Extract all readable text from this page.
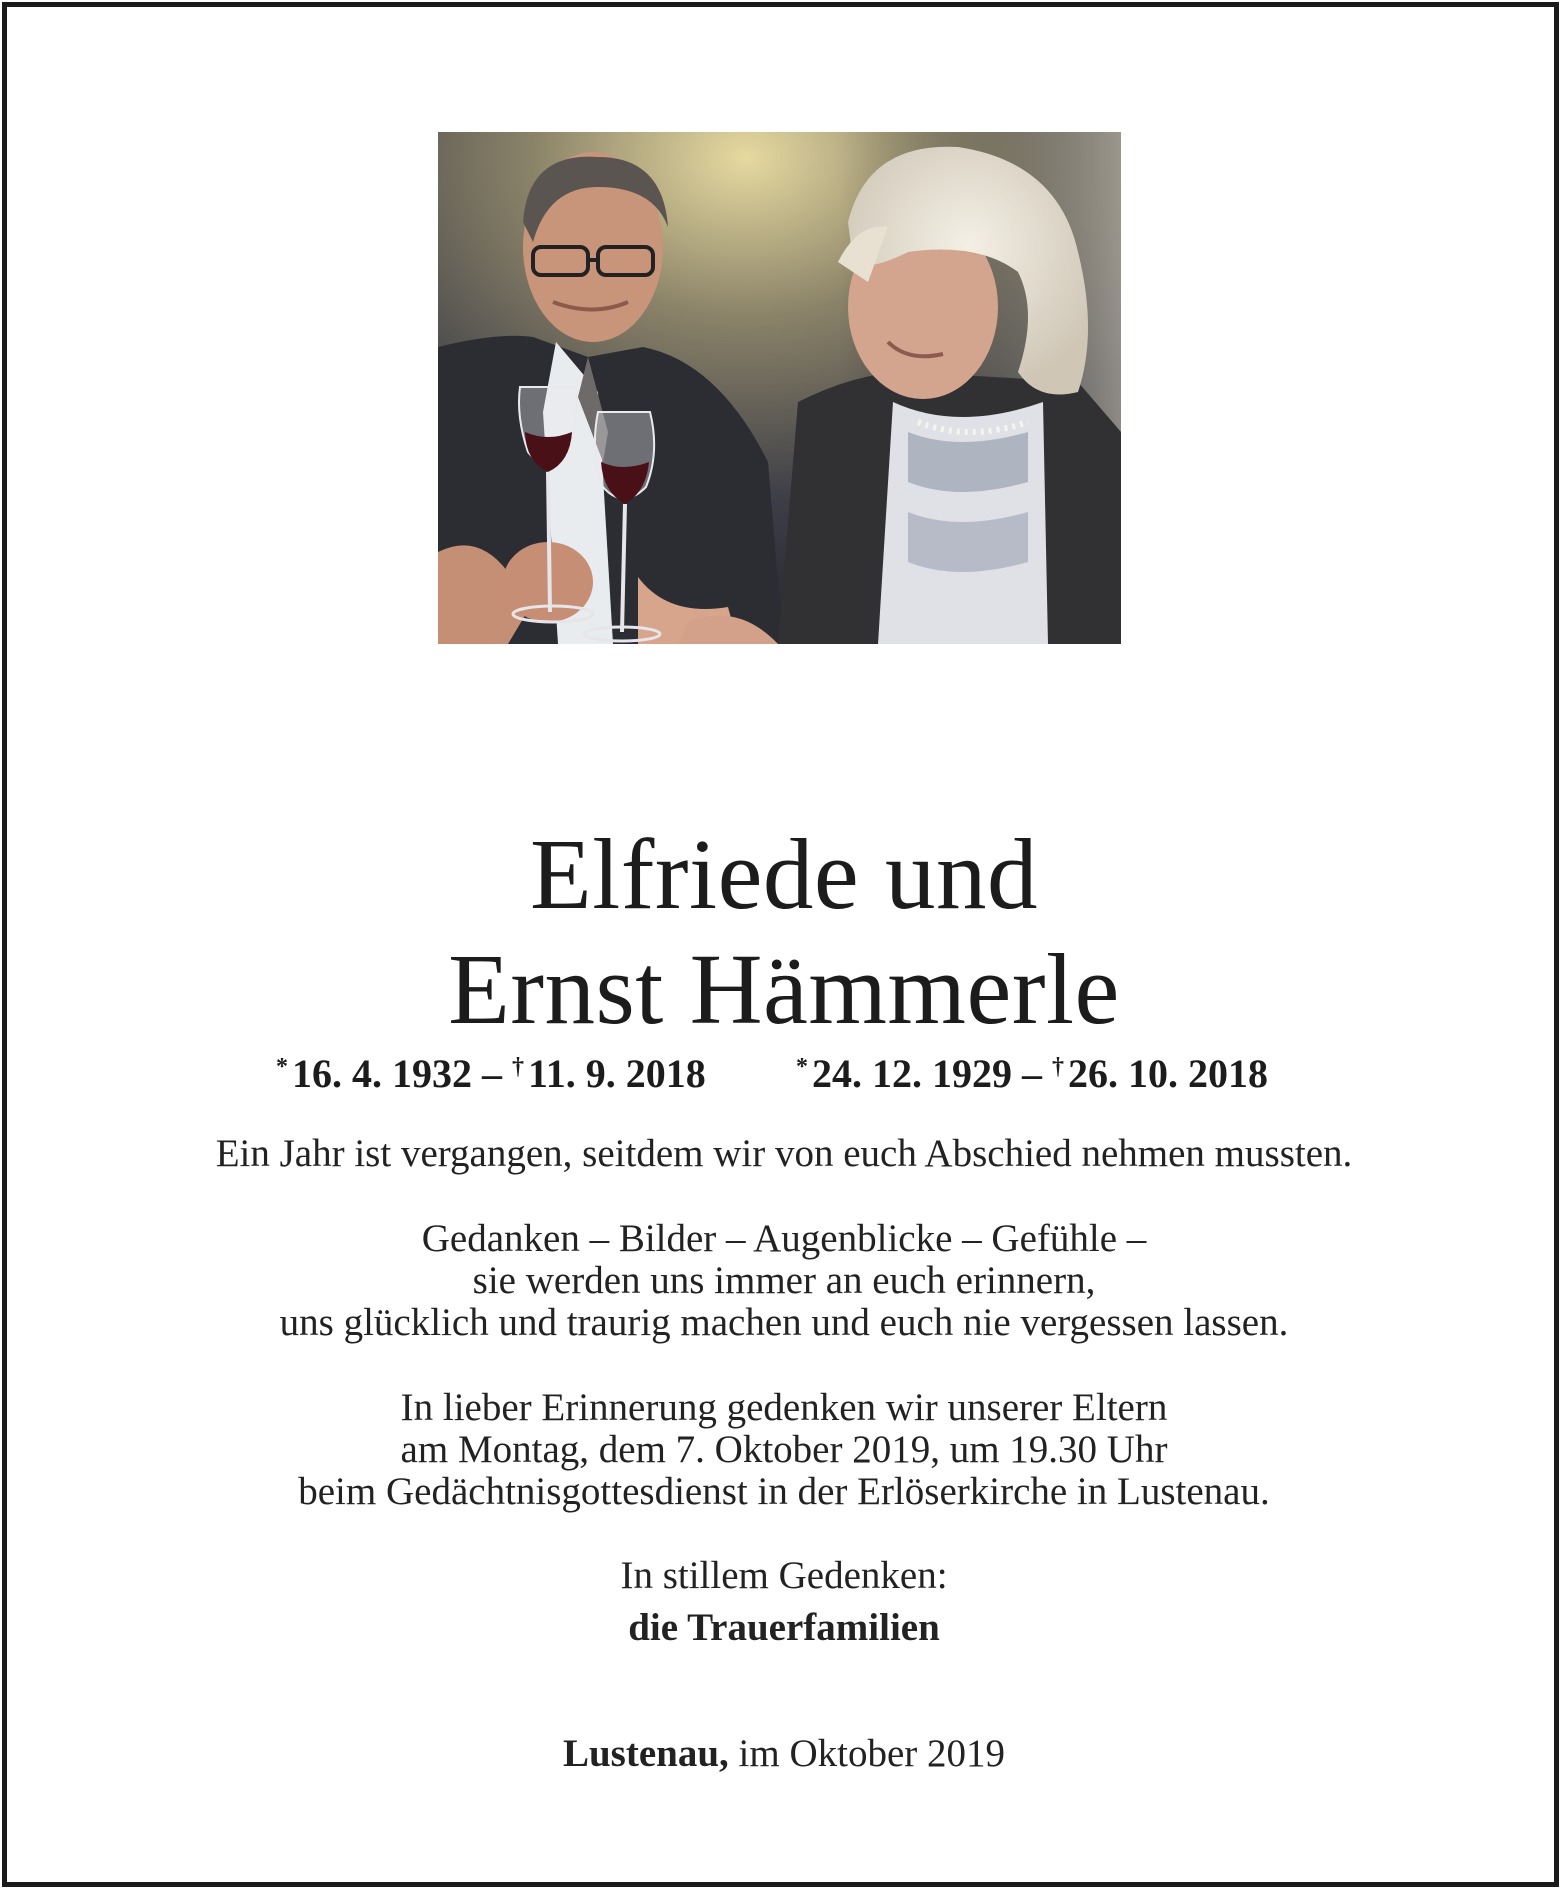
Elfriede und
Ernst Hämmerle
* 16. 4. 1932 – † 11. 9. 2018	* 24. 12. 1929 – † 26. 10. 2018
Ein Jahr ist vergangen, seitdem wir von euch Abschied nehmen mussten.
Gedanken – Bilder – Augenblicke – Gefühle –
sie werden uns immer an euch erinnern,
uns glücklich und traurig machen und euch nie vergessen lassen.
In lieber Erinnerung gedenken wir unserer Eltern
am Montag, dem 7. Oktober 2019, um 19.30 Uhr
beim Gedächtnisgottesdienst in der Erlöserkirche in Lustenau.
In stillem Gedenken:
die Trauerfamilien
Lustenau, im Oktober 2019
